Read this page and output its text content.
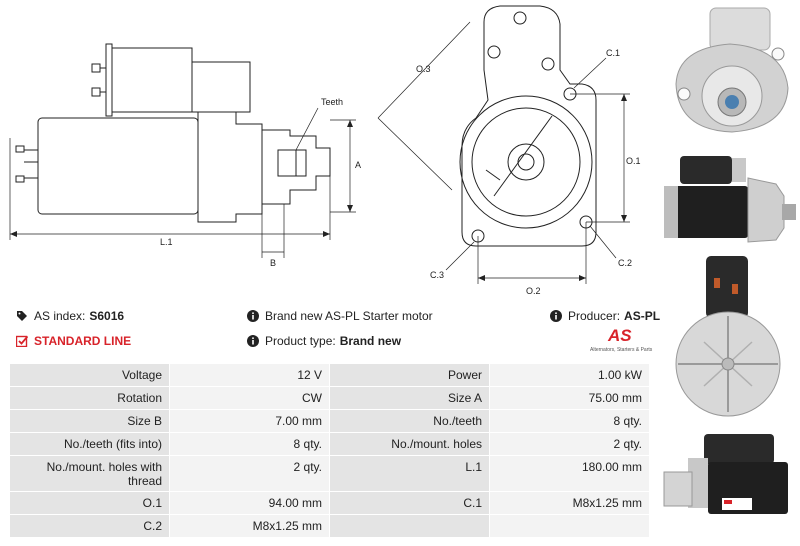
Teeth
A
L.1
B
O.3
C.1
O.1
C.3
C.2
O.2
AS index: S6016	Brand new AS-PL Starter motor	Producer: AS-PL
STANDARD LINE	Product type: Brand new	AS
Alternators, Starters & Parts
Voltage	12 V	Power	1.00 kW
Rotation	CW	Size A	75.00 mm
Size B	7.00 mm	No./teeth	8 qty.
No./teeth (fits into)	8 qty.	No./mount. holes	2 qty.
No./mount. holes with thread	2 qty.	L.1	180.00 mm
O.1	94.00 mm	C.1	M8x1.25 mm
C.2	M8x1.25 mm		
